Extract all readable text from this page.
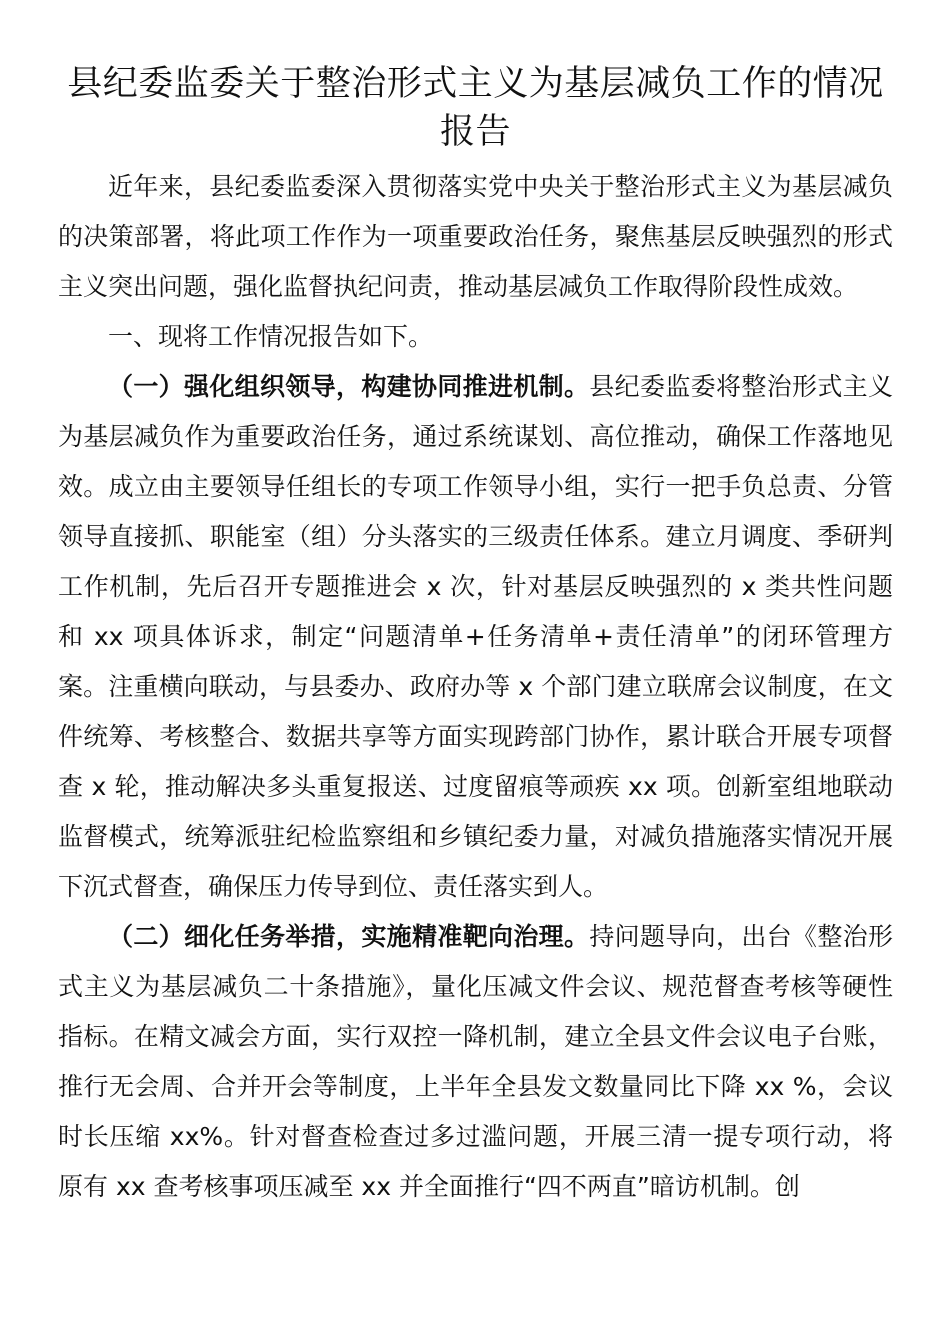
县纪委监委关于整治形式主义为基层减负工作的情况报告

近年来，县纪委监委深入贯彻落实党中央关于整治形式主义为基层减负的决策部署，将此项工作作为一项重要政治任务，聚焦基层反映强烈的形式主义突出问题，强化监督执纪问责，推动基层减负工作取得阶段性成效。

一、现将工作情况报告如下。

（一）强化组织领导，构建协同推进机制。县纪委监委将整治形式主义为基层减负作为重要政治任务，通过系统谋划、高位推动，确保工作落地见效。成立由主要领导任组长的专项工作领导小组，实行一把手负总责、分管领导直接抓、职能室（组）分头落实的三级责任体系。建立月调度、季研判工作机制，先后召开专题推进会 x 次，针对基层反映强烈的 x 类共性问题和 xx 项具体诉求，制定“问题清单+任务清单+责任清单”的闭环管理方案。注重横向联动，与县委办、政府办等 x 个部门建立联席会议制度，在文件统筹、考核整合、数据共享等方面实现跨部门协作，累计联合开展专项督查 x 轮，推动解决多头重复报送、过度留痕等顽疾 xx 项。创新室组地联动监督模式，统筹派驻纪检监察组和乡镇纪委力量，对减负措施落实情况开展下沉式督查，确保压力传导到位、责任落实到人。

（二）细化任务举措，实施精准靶向治理。持问题导向，出台《整治形式主义为基层减负二十条措施》，量化压减文件会议、规范督查考核等硬性指标。在精文减会方面，实行双控一降机制，建立全县文件会议电子台账，推行无会周、合并开会等制度，上半年全县发文数量同比下降 xx %，会议时长压缩 xx%。针对督查检查过多过滥问题，开展三清一提专项行动，将原有 xx 查考核事项压减至 xx 并全面推行“四不两直”暗访机制。创
